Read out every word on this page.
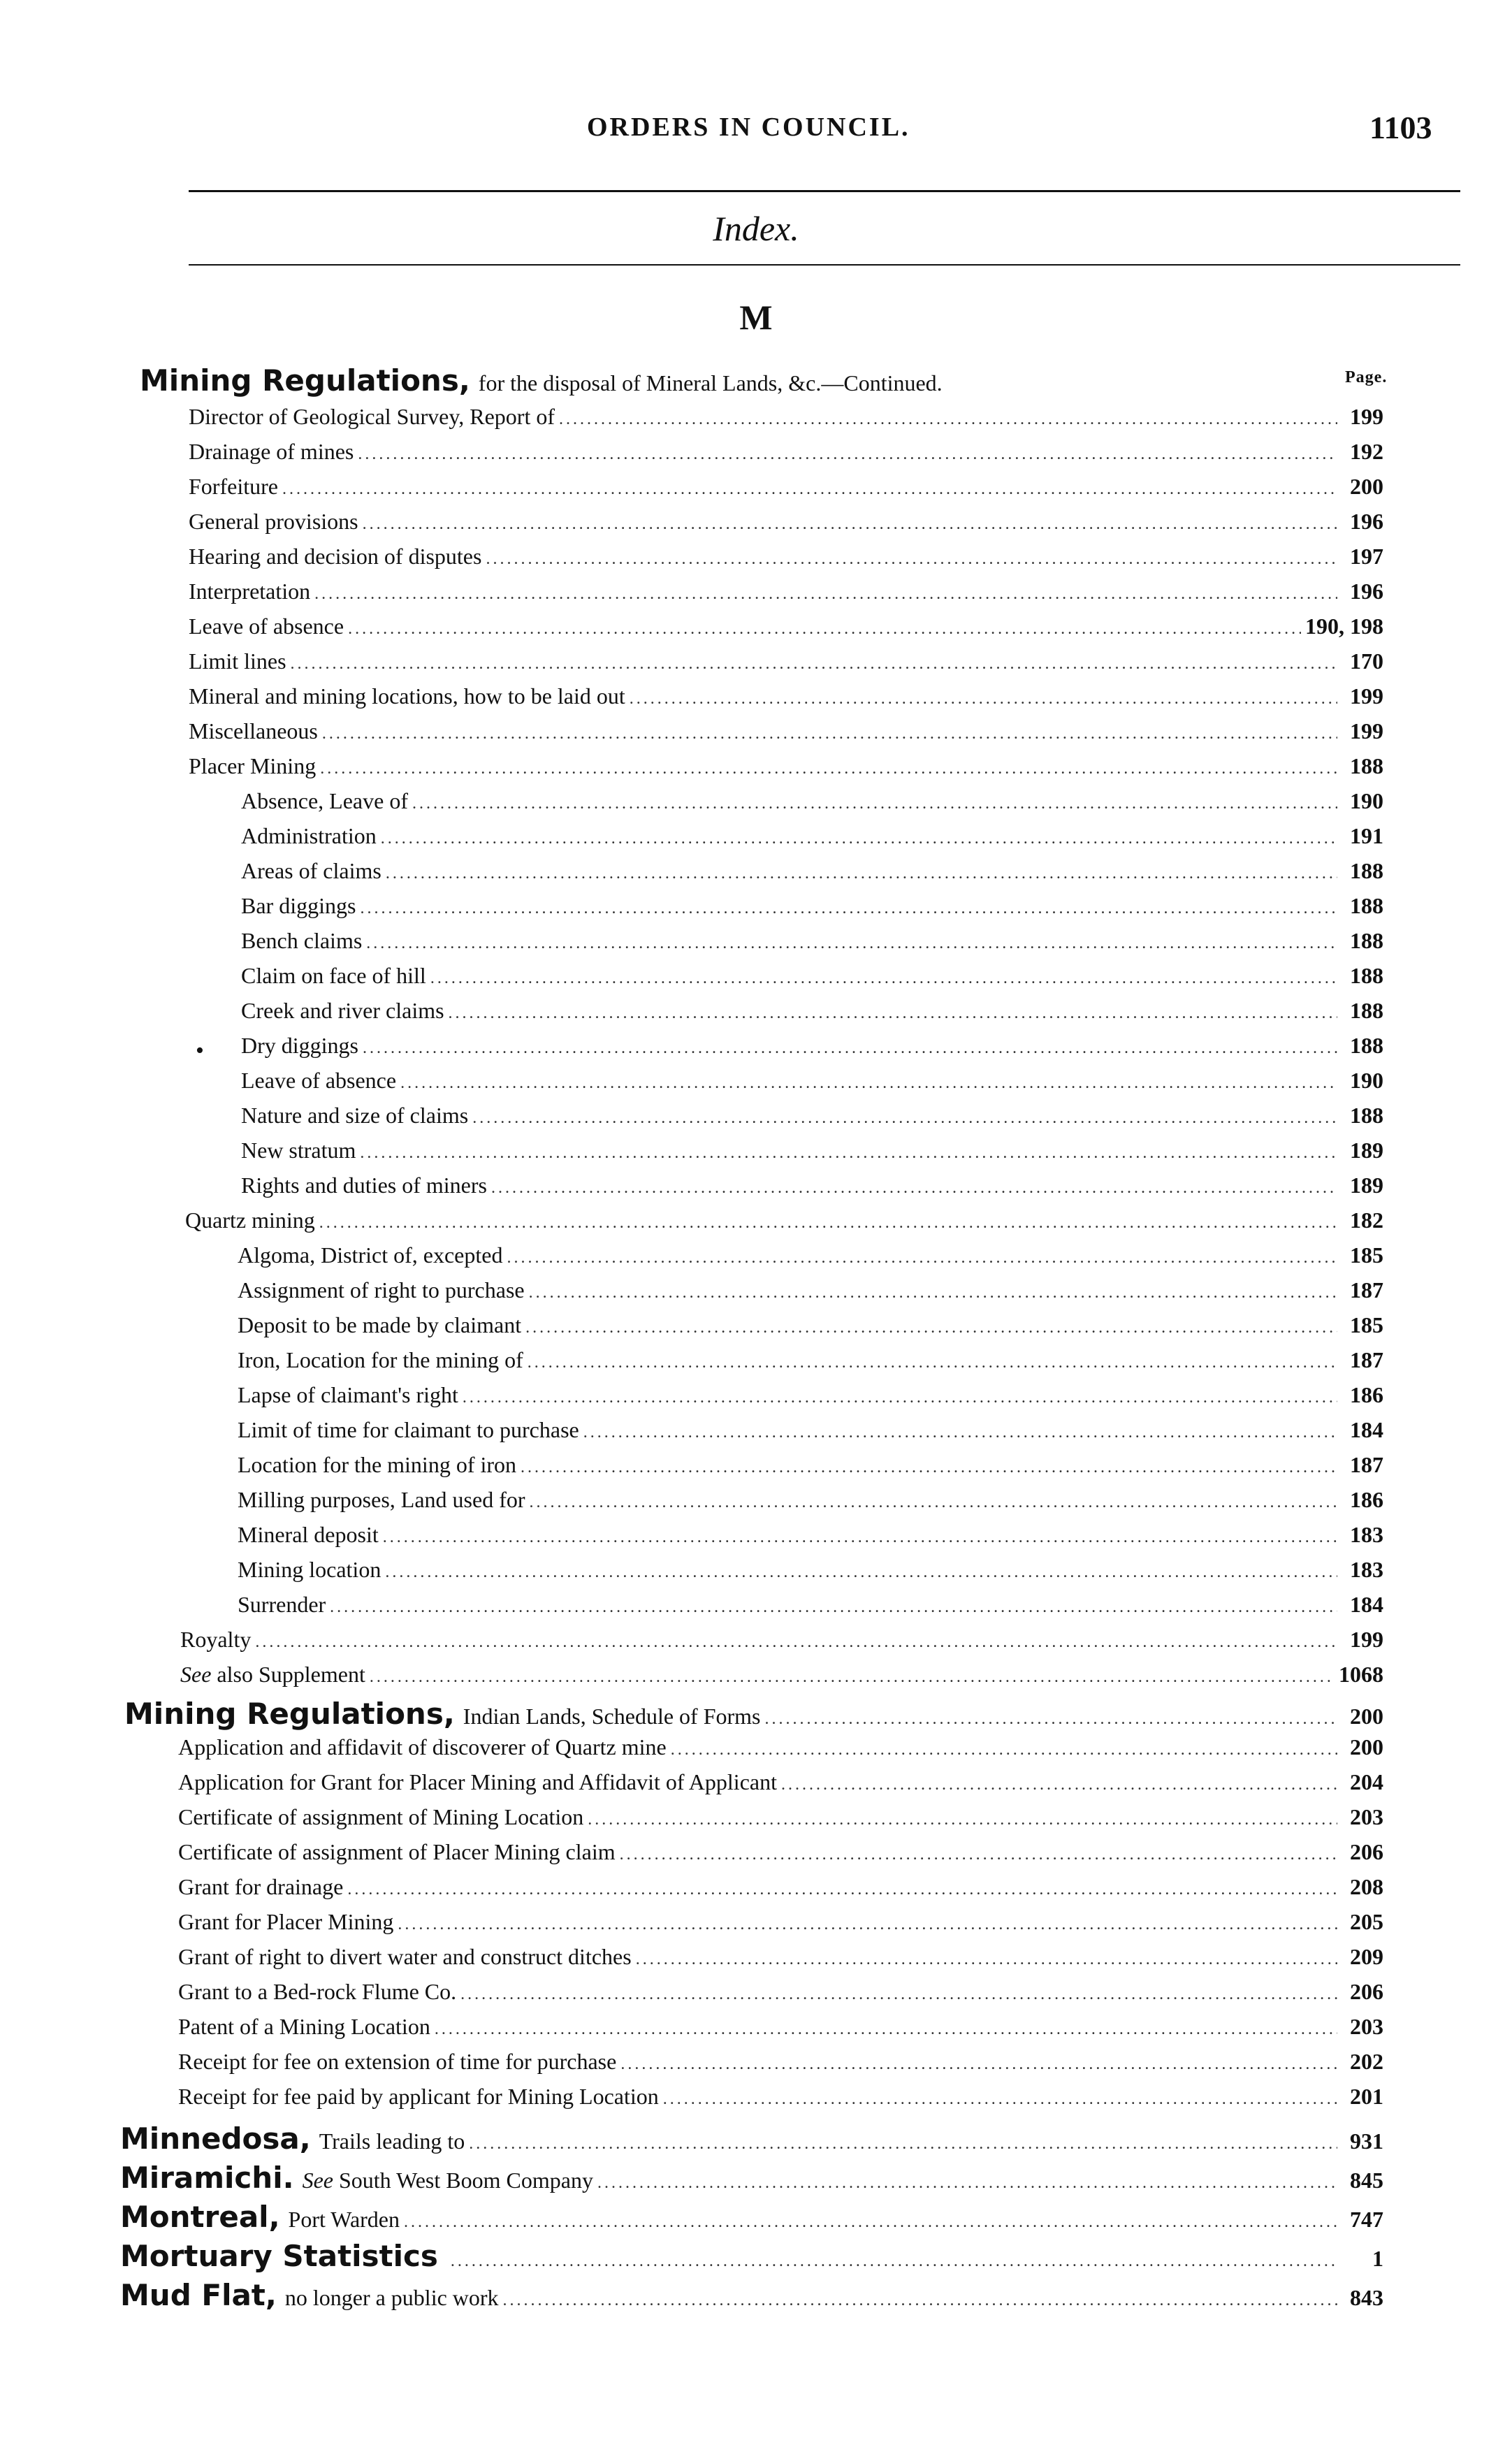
ORDERS IN COUNCIL.	1103
Index.
M
Page.
Mining Regulations, for the disposal of Mineral Lands, &c.—Continued.
Director of Geological Survey, Report of .....	199
Drainage of mines .....	192
Forfeiture .....	200
General provisions .....	196
Hearing and decision of disputes .....	197
Interpretation .....	196
Leave of absence .....	190, 198
Limit lines .....	170
Mineral and mining locations, how to be laid out .....	199
Miscellaneous .....	199
Placer Mining .....	188
Absence, Leave of .....	190
Administration .....	191
Areas of claims .....	188
Bar diggings .....	188
Bench claims .....	188
Claim on face of hill .....	188
Creek and river claims .....	188
• Dry diggings .....	188
Leave of absence .....	190
Nature and size of claims .....	188
New stratum .....	189
Rights and duties of miners .....	189
Quartz mining .....	182
Algoma, District of, excepted .....	185
Assignment of right to purchase .....	187
Deposit to be made by claimant .....	185
Iron, Location for the mining of .....	187
Lapse of claimant's right .....	186
Limit of time for claimant to purchase .....	184
Location for the mining of iron .....	187
Milling purposes, Land used for .....	186
Mineral deposit .....	183
Mining location .....	183
Surrender .....	184
Royalty .....	199
See also Supplement .....	1068
Mining Regulations, Indian Lands, Schedule of Forms .....	200
Application and affidavit of discoverer of Quartz mine .....	200
Application for Grant for Placer Mining and Affidavit of Applicant .....	204
Certificate of assignment of Mining Location .....	203
Certificate of assignment of Placer Mining claim .....	206
Grant for drainage .....	208
Grant for Placer Mining .....	205
Grant of right to divert water and construct ditches .....	209
Grant to a Bed-rock Flume Co. .....	206
Patent of a Mining Location .....	203
Receipt for fee on extension of time for purchase .....	202
Receipt for fee paid by applicant for Mining Location .....	201
Minnedosa, Trails leading to .....	931
Miramichi. See South West Boom Company .....	845
Montreal, Port Warden .....	747
Mortuary Statistics .....	1
Mud Flat, no longer a public work .....	843
